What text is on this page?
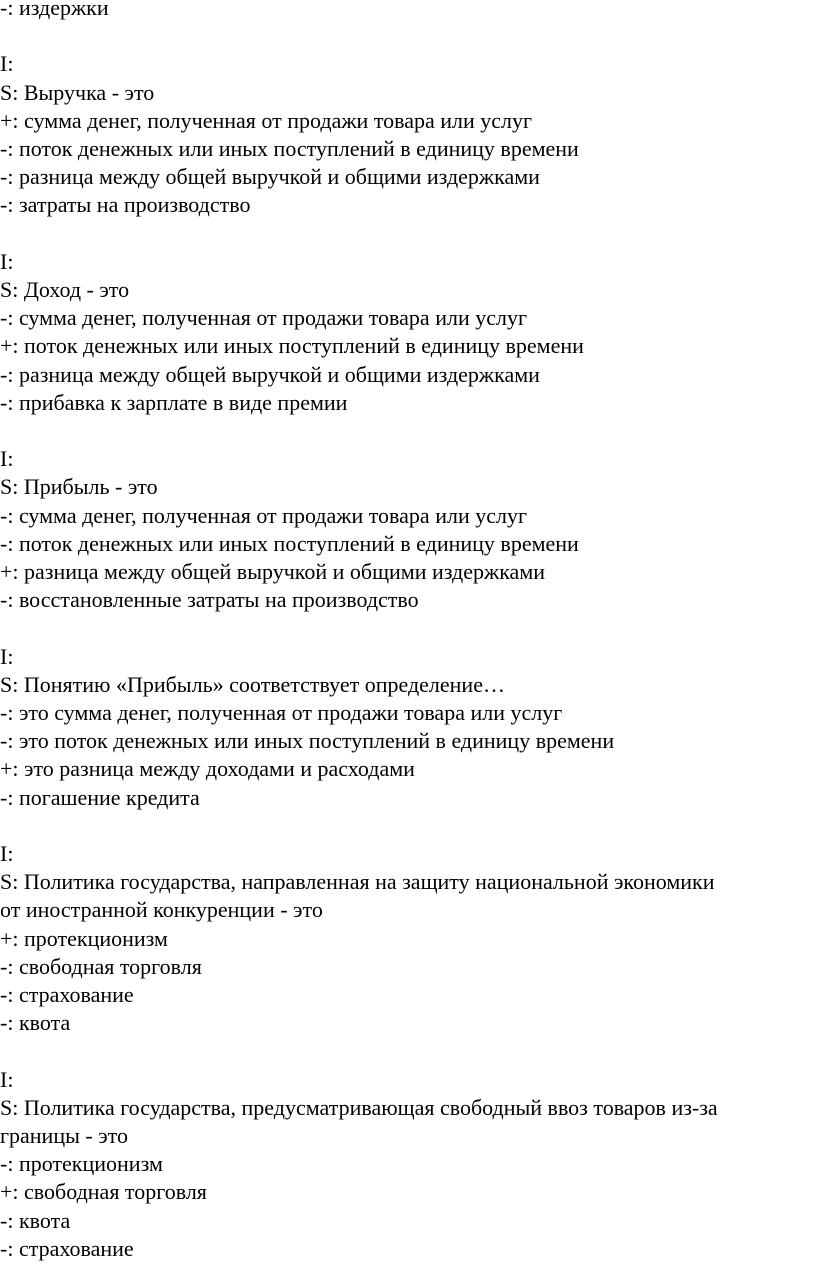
-: издержки

I:

S: Выручка - это

+: сумма денег, полученная от продажи товара или услуг

-: поток денежных или иных поступлений в единицу времени

-: разница между общей выручкой и общими издержками

-: затраты на производство

I:

S: Доход - это

-: сумма денег, полученная от продажи товара или услуг

+: поток денежных или иных поступлений в единицу времени

-: разница между общей выручкой и общими издержками

-: прибавка к зарплате в виде премии

I:

S: Прибыль - это

-: сумма денег, полученная от продажи товара или услуг

-: поток денежных или иных поступлений в единицу времени

+: разница между общей выручкой и общими издержками

-: восстановленные затраты на производство

I:

S: Понятию «Прибыль» соответствует определение…

-: это сумма денег, полученная от продажи товара или услуг

-: это поток денежных или иных поступлений в единицу времени

+: это разница между доходами и расходами

-: погашение кредита

I:

S: Политика государства, направленная на защиту национальной экономики

от иностранной конкуренции - это

+: протекционизм

-: свободная торговля

-: страхование

-: квота

I:

S: Политика государства, предусматривающая свободный ввоз товаров из-за

границы - это

-: протекционизм

+: свободная торговля

-: квота

-: страхование
